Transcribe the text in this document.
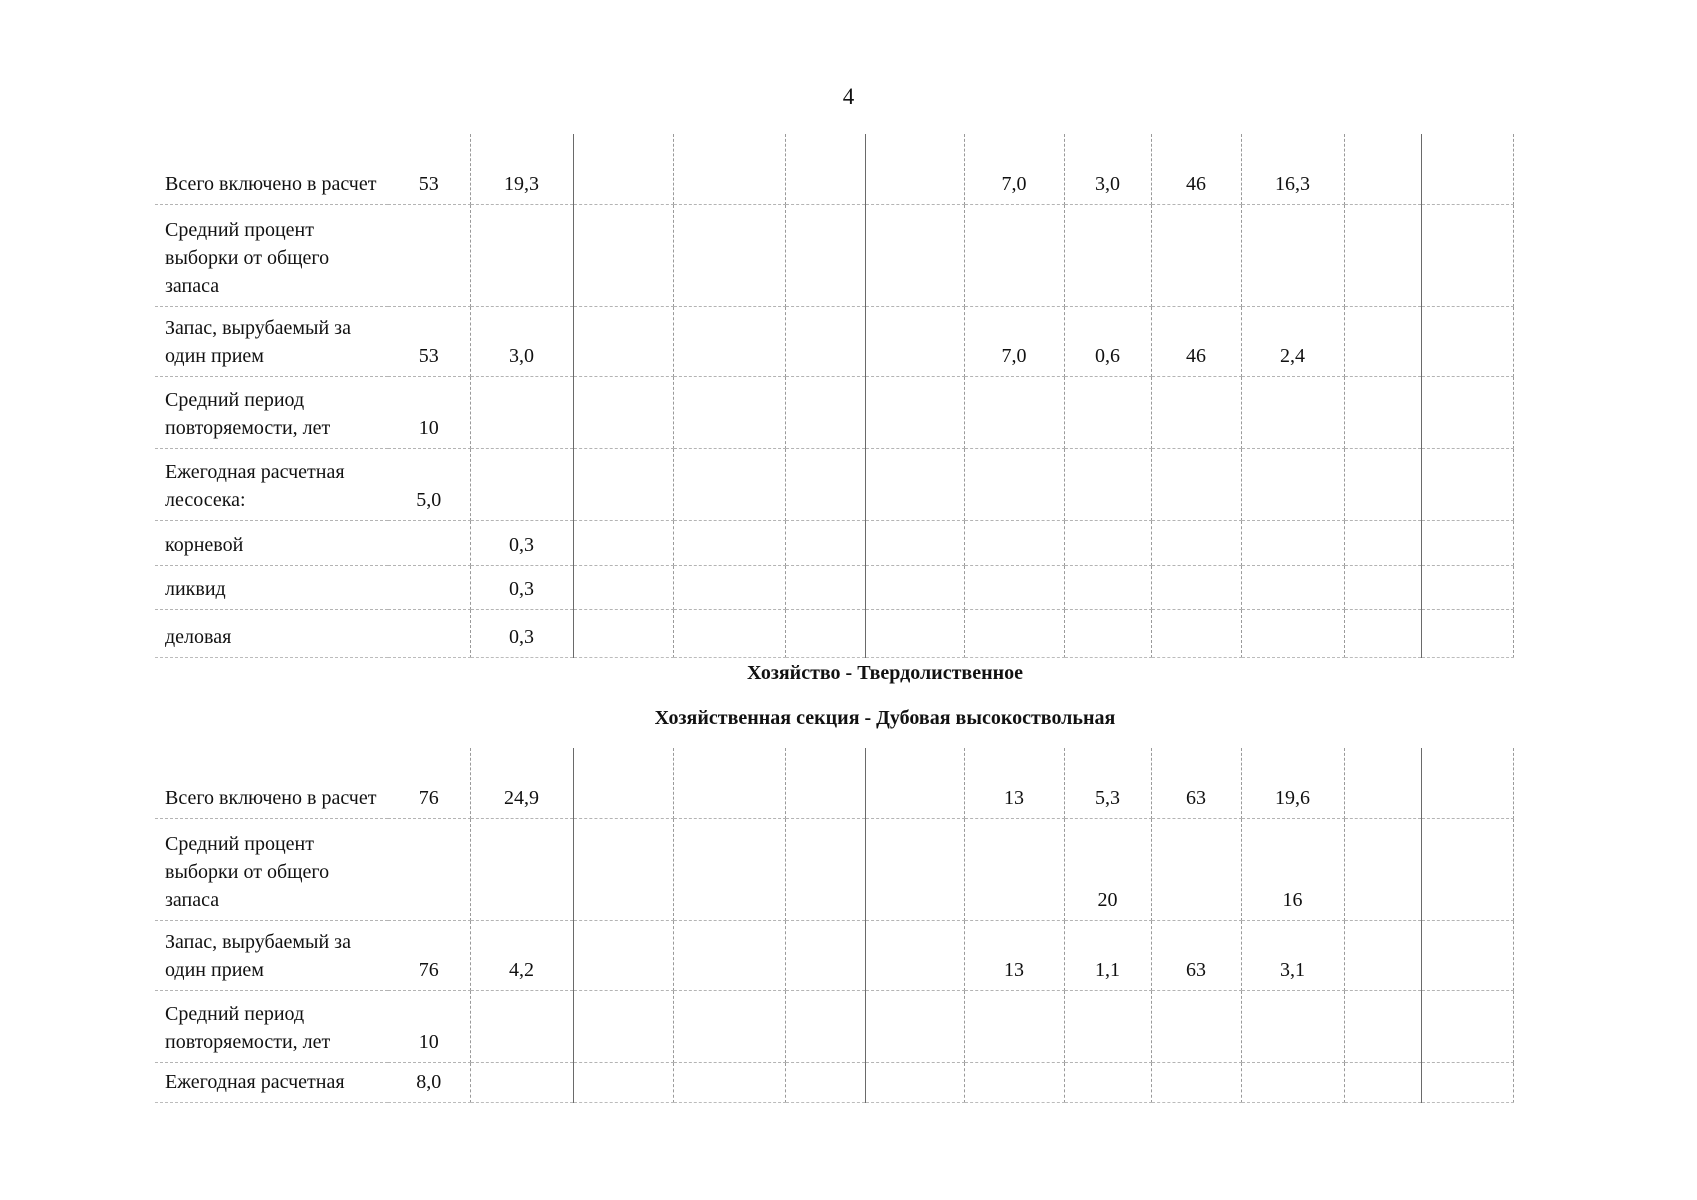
4
Всего включено в расчет	53	19,3					7,0	3,0	46	16,3		
Средний процент выборки от общего запаса												
Запас, вырубаемый за один прием	53	3,0					7,0	0,6	46	2,4		
Средний период повторяемости, лет	10											
Ежегодная расчетная лесосека:	5,0											
корневой		0,3										
ликвид		0,3										
деловая		0,3										
Хозяйство - Твердолиственное
Хозяйственная секция - Дубовая высокоствольная
Всего включено в расчет	76	24,9					13	5,3	63	19,6		
Средний процент выборки от общего запаса								20		16		
Запас, вырубаемый за один прием	76	4,2					13	1,1	63	3,1		
Средний период повторяемости, лет	10											
Ежегодная расчетная	8,0											
